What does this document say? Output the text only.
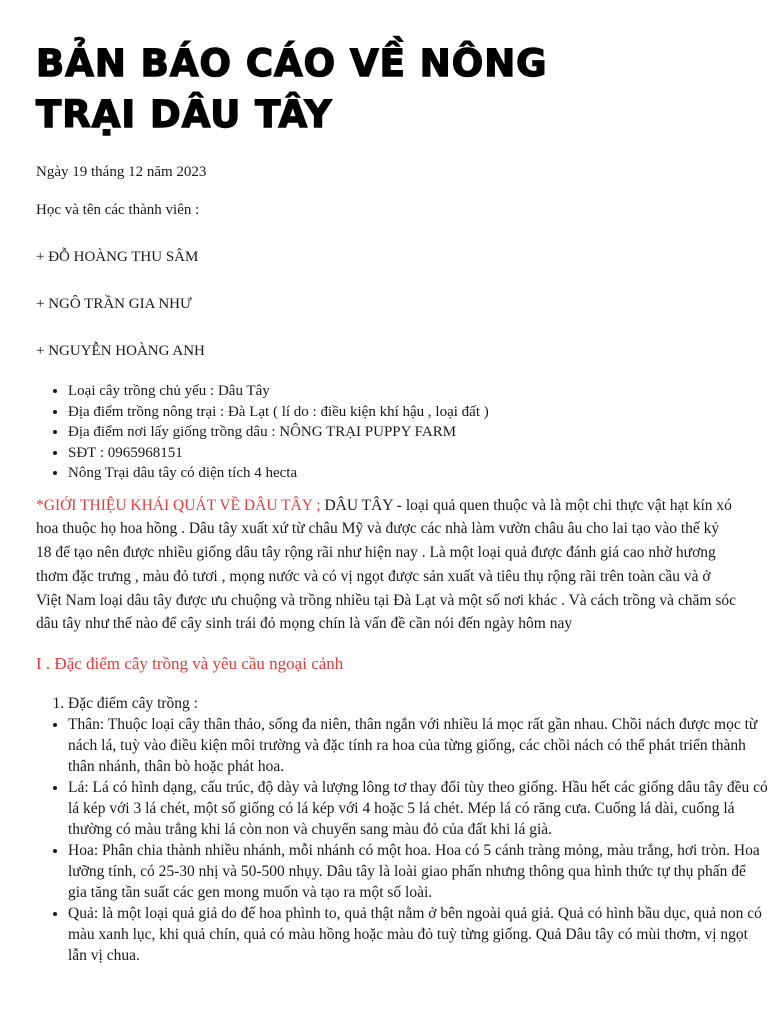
BẢN BÁO CÁO VỀ NÔNG TRẠI DÂU TÂY

Ngày 19 tháng 12 năm 2023

Học và tên các thành viên :

+ ĐỖ HOÀNG THU SÂM

+ NGÔ TRẦN GIA NHƯ

+ NGUYỄN HOÀNG ANH

• Loại cây trồng chủ yếu : Dâu Tây
• Địa điểm trồng nông trại : Đà Lạt ( lí do : điều kiện khí hậu , loại đất )
• Địa điểm nơi lấy giống trồng dâu : NÔNG TRẠI PUPPY FARM
• SĐT : 0965968151
• Nông Trại dâu tây có diện tích 4 hecta

*GIỚI THIỆU KHÁI QUÁT VỀ DÂU TÂY ; DÂU TÂY - loại quả quen thuộc và là một chi thực vật hạt kín xó hoa thuộc họ hoa hồng . Dâu tây xuất xứ từ châu Mỹ và được các nhà làm vườn châu âu cho lai tạo vào thế kỷ 18 để tạo nên được nhiều giống dâu tây rộng rãi như hiện nay . Là một loại quả được đánh giá cao nhờ hương thơm đặc trưng , màu đỏ tươi , mọng nước và có vị ngọt được sản xuất và tiêu thụ rộng rãi trên toàn cầu và ở Việt Nam loại dâu tây được ưu chuộng và trồng nhiều tại Đà Lạt và một số nơi khác . Và cách trồng và chăm sóc dâu tây như thế nào để cây sinh trái đỏ mọng chín là vấn đề cần nói đến ngày hôm nay

I . Đặc điểm cây trồng và yêu cầu ngoại cảnh

1. Đặc điểm cây trồng :
• Thân: Thuộc loại cây thân thảo, sống đa niên, thân ngắn với nhiều lá mọc rất gần nhau. Chồi nách được mọc từ nách lá, tuỳ vào điều kiện môi trường và đặc tính ra hoa của từng giống, các chồi nách có thể phát triển thành thân nhánh, thân bò hoặc phát hoa.
• Lá: Lá có hình dạng, cấu trúc, độ dày và lượng lông tơ thay đổi tùy theo giống. Hầu hết các giống dâu tây đều có lá kép với 3 lá chét, một số giống có lá kép với 4 hoặc 5 lá chét. Mép lá có răng cưa. Cuống lá dài, cuống lá thường có màu trắng khi lá còn non và chuyển sang màu đỏ của đất khi lá già.
• Hoa: Phân chia thành nhiều nhánh, mỗi nhánh có một hoa. Hoa có 5 cánh tràng mỏng, màu trắng, hơi tròn. Hoa lưỡng tính, có 25-30 nhị và 50-500 nhụy. Dâu tây là loài giao phấn nhưng thông qua hình thức tự thụ phấn để gia tăng tần suất các gen mong muốn và tạo ra một số loài.
• Quả: là một loại quả giả do đế hoa phình to, quả thật nằm ở bên ngoài quả giả. Quả có hình bầu dục, quả non có màu xanh lục, khi quả chín, quả có màu hồng hoặc màu đỏ tuỳ từng giống. Quả Dâu tây có mùi thơm, vị ngọt lẫn vị chua.
